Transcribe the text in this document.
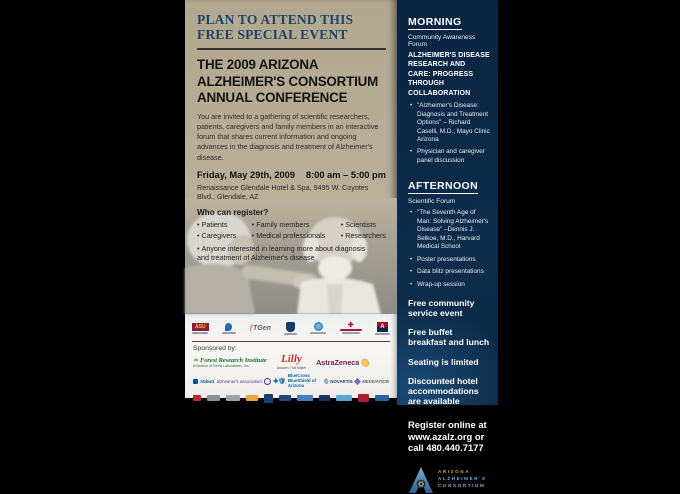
PLAN TO ATTEND THIS
FREE SPECIAL EVENT
THE 2009 ARIZONA
ALZHEIMER'S CONSORTIUM
ANNUAL CONFERENCE

You are invited to a gathering of scientific researchers, patients, caregivers and family members in an interactive forum that shares current information and ongoing advances in the diagnosis and treatment of Alzheimer's disease.

Friday, May 29th, 2009 8:00 am – 5:00 pm
Renaissance Glendale Hotel & Spa, 9495 W. Coyotes Blvd., Glendale, AZ
Who can register?
• Patients
• Caregivers
• Family members
• Medical professionals
• Scientists
• Researchers
• Anyone interested in learning more about diagnosis and treatment of Alzheimer's disease
ASU	ƒTGen	✚	A
Sponsored by:
❧ Forest Research Institute
A Division of Forest Laboratories, Inc.
Lilly
Answers That Matter
AstraZeneca
Abbott alzheimer's association ✚🛡
BlueCross BlueShield of Arizona
NOVARTIS MEDIVATION
MORNING
Community Awareness Forum
ALZHEIMER'S DISEASE RESEARCH AND CARE: PROGRESS THROUGH COLLABORATION
• "Alzheimer's Disease: Diagnosis and Treatment Options" – Richard Caselli, M.D., Mayo Clinic Arizona
• Physician and caregiver panel discussion
AFTERNOON
Scientific Forum
• "The Seventh Age of Man: Solving Alzheimer's Disease" –Dennis J. Selkoe, M.D., Harvard Medical School
• Poster presentations
• Data blitz presentations
• Wrap-up session
Free community service event
Free buffet breakfast and lunch
Seating is limited
Discounted hotel accommodations are available
Register online at www.azalz.org or call 480.440.7177
ARIZONA
ALZHEIMER'S
CONSORTIUM
